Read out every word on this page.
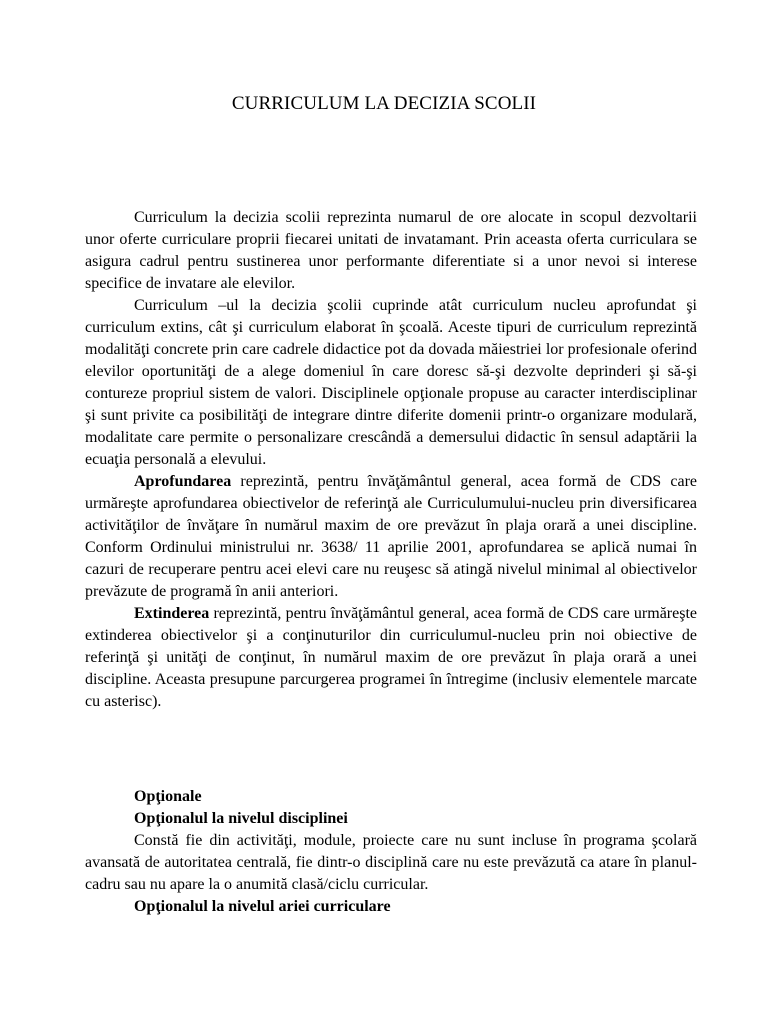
CURRICULUM LA DECIZIA SCOLII

Curriculum la decizia scolii reprezinta numarul de ore alocate in scopul dezvoltarii unor oferte curriculare proprii fiecarei unitati de invatamant. Prin aceasta oferta curriculara se asigura cadrul pentru sustinerea unor performante diferentiate si a unor nevoi si interese specifice de invatare ale elevilor.

Curriculum –ul la decizia şcolii cuprinde atât curriculum nucleu aprofundat şi curriculum extins, cât şi curriculum elaborat în şcoală. Aceste tipuri de curriculum reprezintă modalităţi concrete prin care cadrele didactice pot da dovada măiestriei lor profesionale oferind elevilor oportunităţi de a alege domeniul în care doresc să-şi dezvolte deprinderi şi să-şi contureze propriul sistem de valori. Disciplinele opţionale propuse au caracter interdisciplinar şi sunt privite ca posibilităţi de integrare dintre diferite domenii printr-o organizare modulară, modalitate care permite o personalizare crescândă a demersului didactic în sensul adaptării la ecuaţia personală a elevului.

Aprofundarea reprezintă, pentru învăţământul general, acea formă de CDS care urmăreşte aprofundarea obiectivelor de referinţă ale Curriculumului-nucleu prin diversificarea activităţilor de învăţare în numărul maxim de ore prevăzut în plaja orară a unei discipline. Conform Ordinului ministrului nr. 3638/ 11 aprilie 2001, aprofundarea se aplică numai în cazuri de recuperare pentru acei elevi care nu reuşesc să atingă nivelul minimal al obiectivelor prevăzute de programă în anii anteriori.

Extinderea reprezintă, pentru învăţământul general, acea formă de CDS care urmăreşte extinderea obiectivelor şi a conţinuturilor din curriculumul-nucleu prin noi obiective de referinţă şi unităţi de conţinut, în numărul maxim de ore prevăzut în plaja orară a unei discipline. Aceasta presupune parcurgerea programei în întregime (inclusiv elementele marcate cu asterisc).

Opţionale

Opţionalul la nivelul disciplinei

Constă fie din activităţi, module, proiecte care nu sunt incluse în programa şcolară avansată de autoritatea centrală, fie dintr-o disciplină care nu este prevăzută ca atare în planul-cadru sau nu apare la o anumită clasă/ciclu curricular.

Opţionalul la nivelul ariei curriculare
